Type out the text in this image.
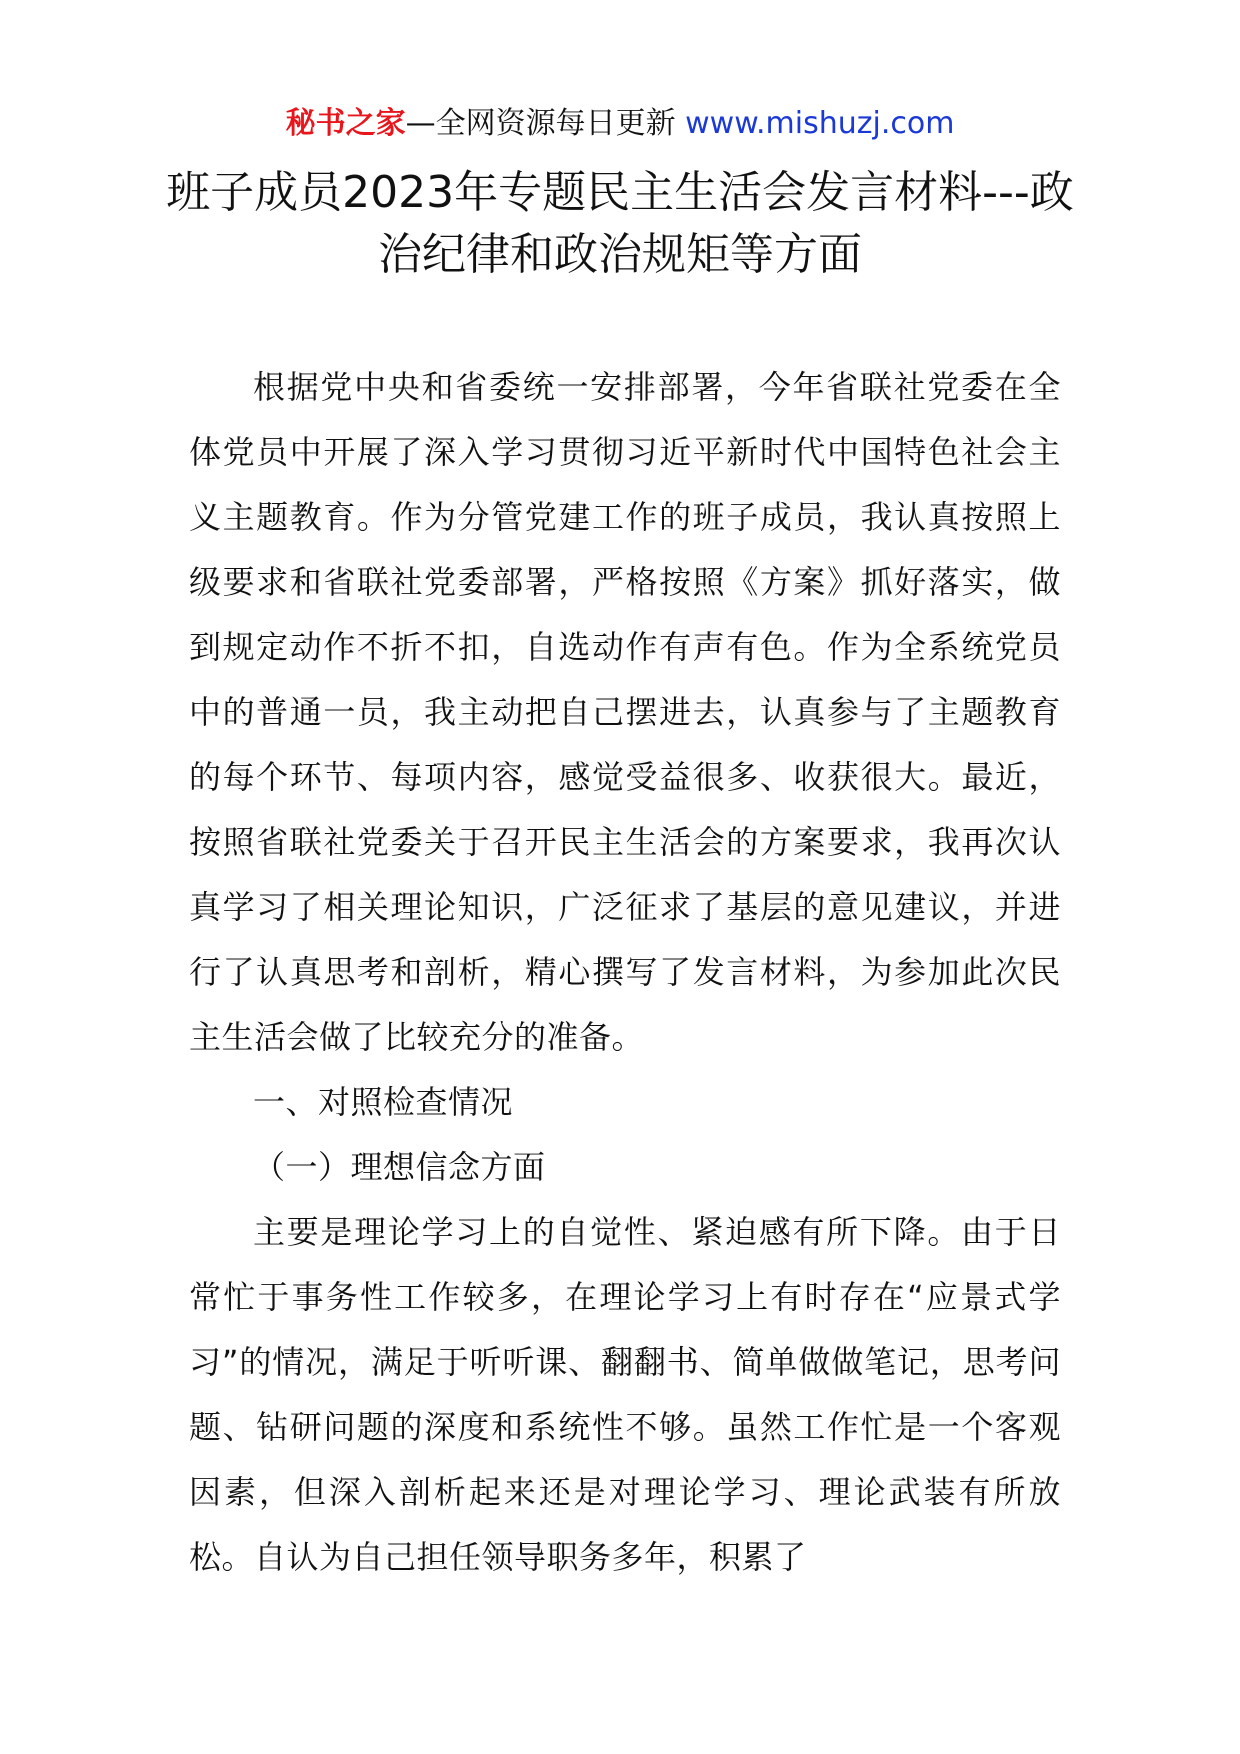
秘书之家—全网资源每日更新 www.mishuzj.com
班子成员2023年专题民主生活会发言材料---政治纪律和政治规矩等方面

根据党中央和省委统一安排部署，今年省联社党委在全体党员中开展了深入学习贯彻习近平新时代中国特色社会主义主题教育。作为分管党建工作的班子成员，我认真按照上级要求和省联社党委部署，严格按照《方案》抓好落实，做到规定动作不折不扣，自选动作有声有色。作为全系统党员中的普通一员，我主动把自己摆进去，认真参与了主题教育的每个环节、每项内容，感觉受益很多、收获很大。最近，按照省联社党委关于召开民主生活会的方案要求，我再次认真学习了相关理论知识，广泛征求了基层的意见建议，并进行了认真思考和剖析，精心撰写了发言材料，为参加此次民主生活会做了比较充分的准备。

一、对照检查情况

（一）理想信念方面

主要是理论学习上的自觉性、紧迫感有所下降。由于日常忙于事务性工作较多，在理论学习上有时存在“应景式学习”的情况，满足于听听课、翻翻书、简单做做笔记，思考问题、钻研问题的深度和系统性不够。虽然工作忙是一个客观因素，但深入剖析起来还是对理论学习、理论武装有所放松。自认为自己担任领导职务多年，积累了
